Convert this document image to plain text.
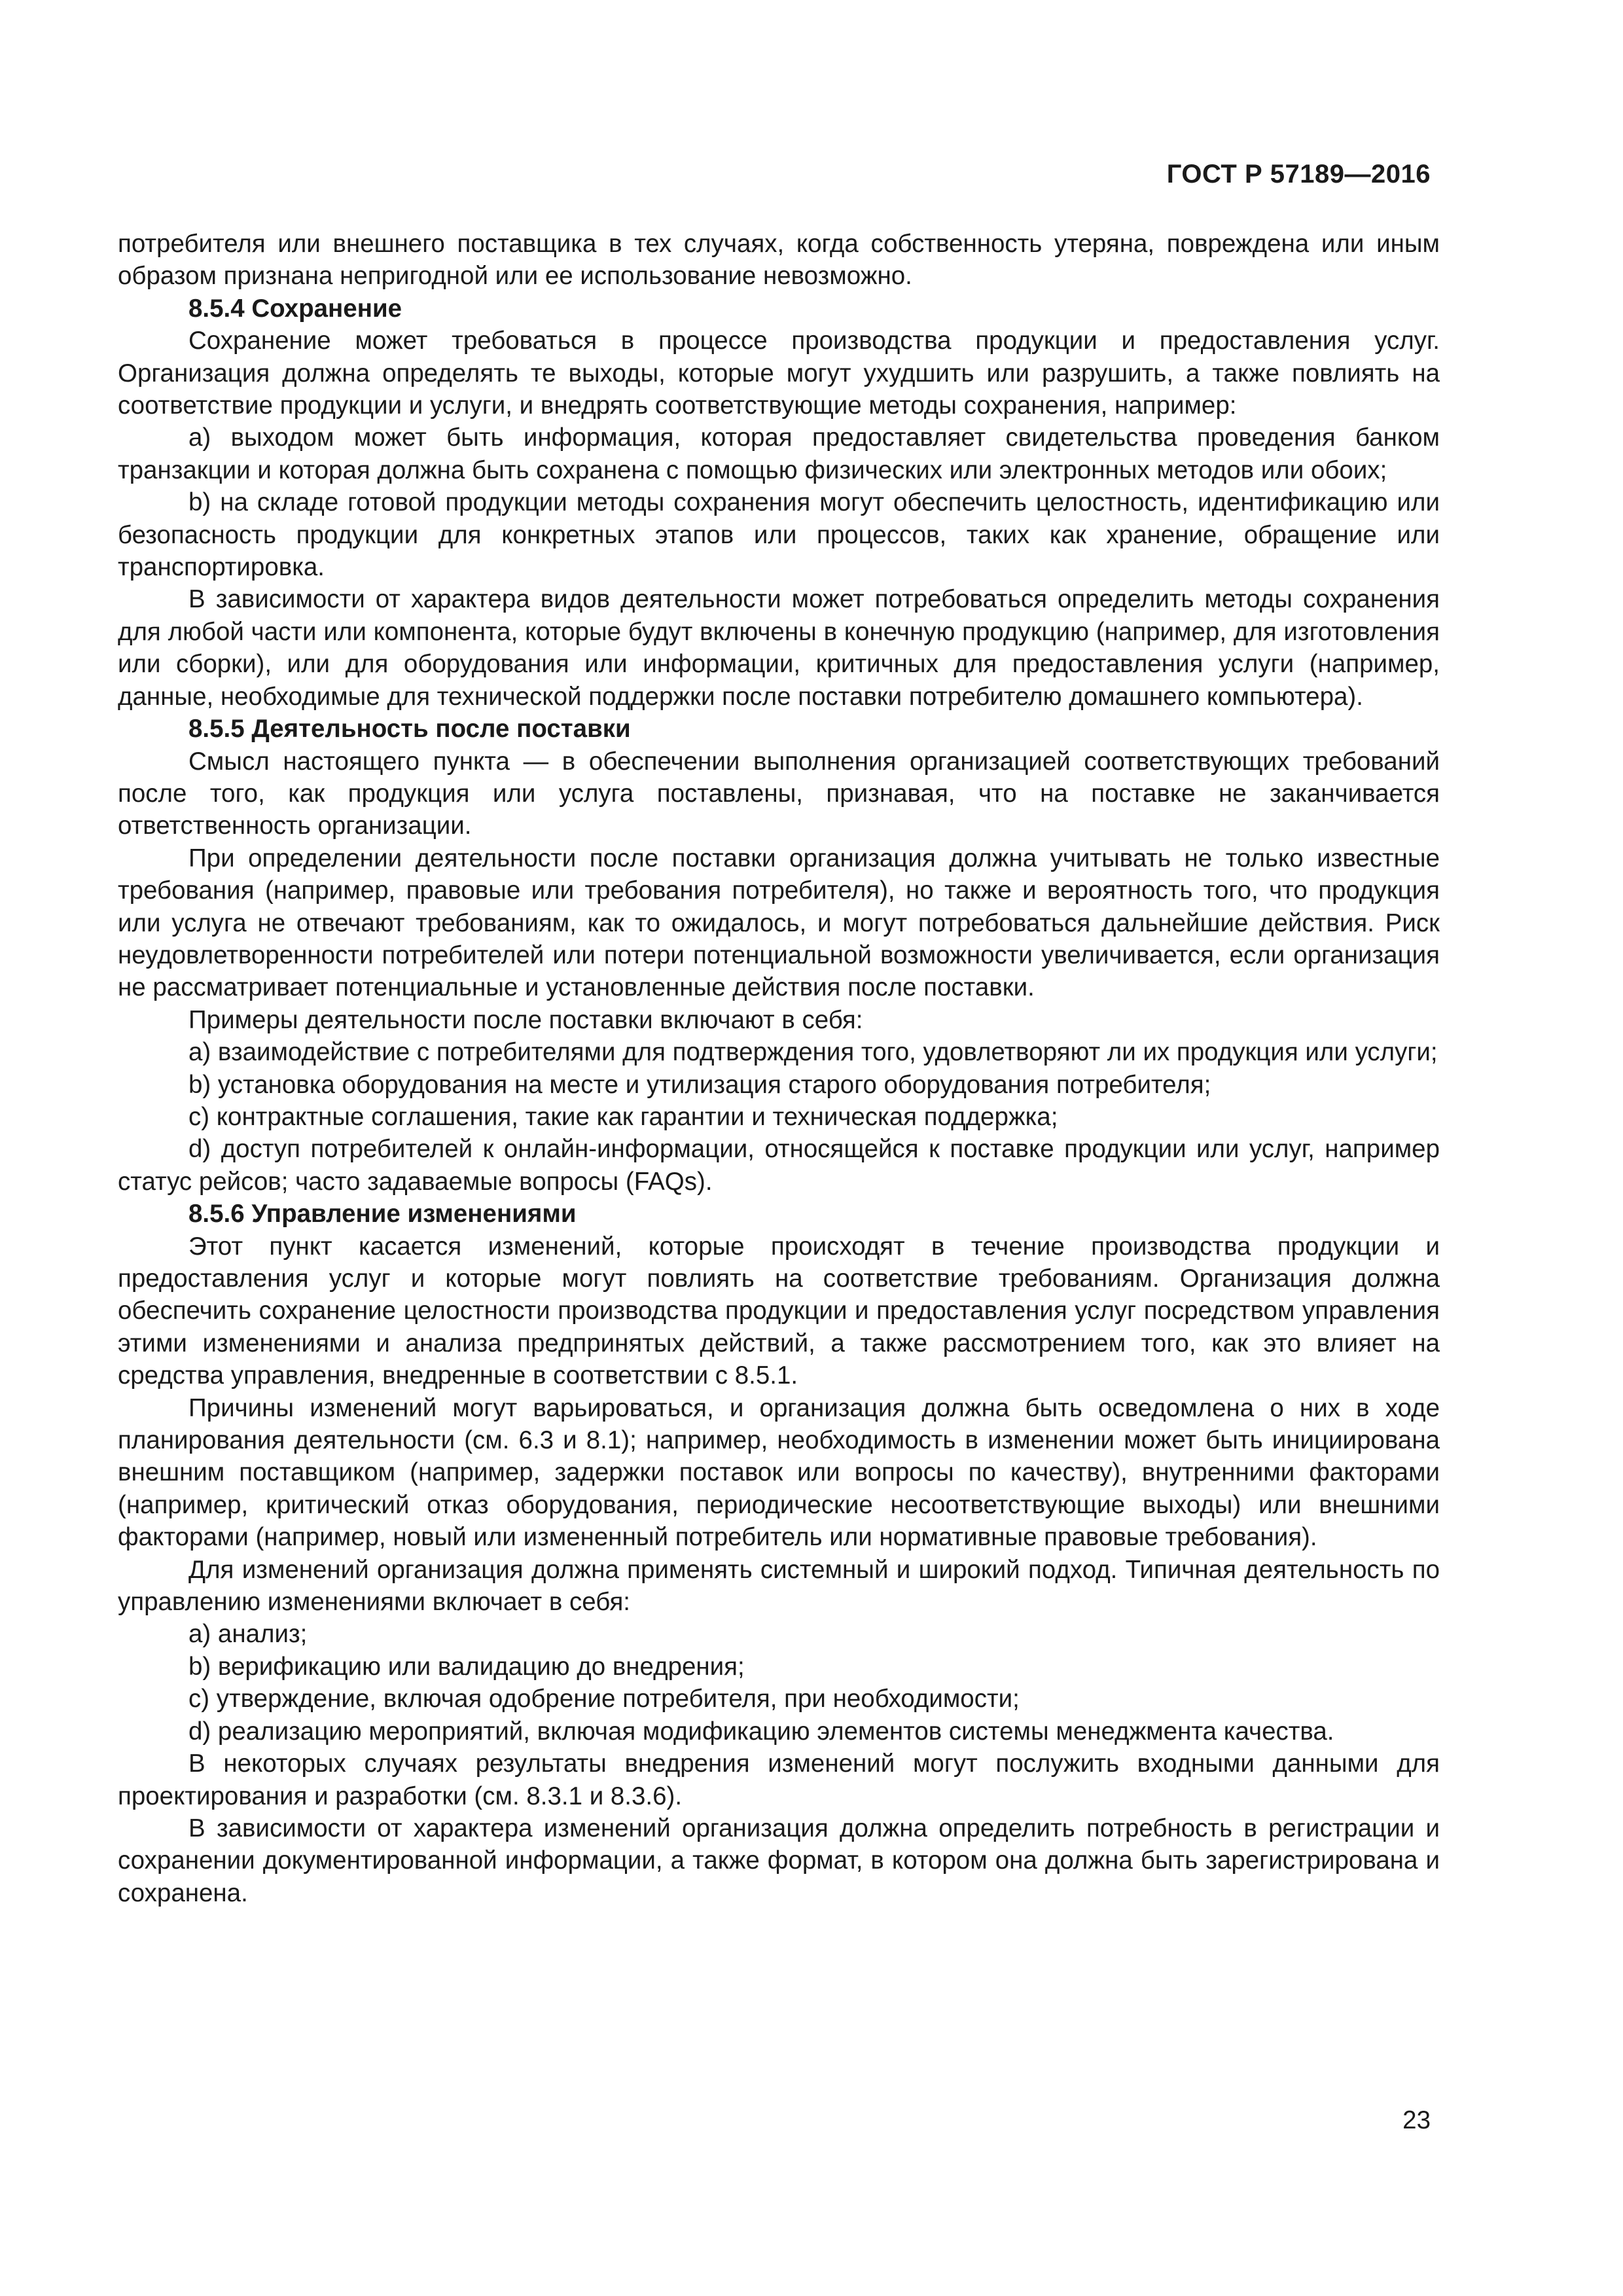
ГОСТ Р 57189—2016

потребителя или внешнего поставщика в тех случаях, когда собственность утеряна, повреждена или иным образом признана непригодной или ее использование невозможно.

8.5.4 Сохранение

Сохранение может требоваться в процессе производства продукции и предоставления услуг. Организация должна определять те выходы, которые могут ухудшить или разрушить, а также повлиять на соответствие продукции и услуги, и внедрять соответствующие методы сохранения, например:

a) выходом может быть информация, которая предоставляет свидетельства проведения банком транзакции и которая должна быть сохранена с помощью физических или электронных методов или обоих;

b) на складе готовой продукции методы сохранения могут обеспечить целостность, идентификацию или безопасность продукции для конкретных этапов или процессов, таких как хранение, обращение или транспортировка.

В зависимости от характера видов деятельности может потребоваться определить методы сохранения для любой части или компонента, которые будут включены в конечную продукцию (например, для изготовления или сборки), или для оборудования или информации, критичных для предоставления услуги (например, данные, необходимые для технической поддержки после поставки потребителю домашнего компьютера).

8.5.5 Деятельность после поставки

Смысл настоящего пункта — в обеспечении выполнения организацией соответствующих требований после того, как продукция или услуга поставлены, признавая, что на поставке не заканчивается ответственность организации.

При определении деятельности после поставки организация должна учитывать не только известные требования (например, правовые или требования потребителя), но также и вероятность того, что продукция или услуга не отвечают требованиям, как то ожидалось, и могут потребоваться дальнейшие действия. Риск неудовлетворенности потребителей или потери потенциальной возможности увеличивается, если организация не рассматривает потенциальные и установленные действия после поставки.

Примеры деятельности после поставки включают в себя:

a) взаимодействие с потребителями для подтверждения того, удовлетворяют ли их продукция или услуги;

b) установка оборудования на месте и утилизация старого оборудования потребителя;

c) контрактные соглашения, такие как гарантии и техническая поддержка;

d) доступ потребителей к онлайн-информации, относящейся к поставке продукции или услуг, например статус рейсов; часто задаваемые вопросы (FAQs).

8.5.6 Управление изменениями

Этот пункт касается изменений, которые происходят в течение производства продукции и предоставления услуг и которые могут повлиять на соответствие требованиям. Организация должна обеспечить сохранение целостности производства продукции и предоставления услуг посредством управления этими изменениями и анализа предпринятых действий, а также рассмотрением того, как это влияет на средства управления, внедренные в соответствии с 8.5.1.

Причины изменений могут варьироваться, и организация должна быть осведомлена о них в ходе планирования деятельности (см. 6.3 и 8.1); например, необходимость в изменении может быть инициирована внешним поставщиком (например, задержки поставок или вопросы по качеству), внутренними факторами (например, критический отказ оборудования, периодические несоответствующие выходы) или внешними факторами (например, новый или измененный потребитель или нормативные правовые требования).

Для изменений организация должна применять системный и широкий подход. Типичная деятельность по управлению изменениями включает в себя:

a) анализ;

b) верификацию или валидацию до внедрения;

c) утверждение, включая одобрение потребителя, при необходимости;

d) реализацию мероприятий, включая модификацию элементов системы менеджмента качества.

В некоторых случаях результаты внедрения изменений могут послужить входными данными для проектирования и разработки (см. 8.3.1 и 8.3.6).

В зависимости от характера изменений организация должна определить потребность в регистрации и сохранении документированной информации, а также формат, в котором она должна быть зарегистрирована и сохранена.

23
